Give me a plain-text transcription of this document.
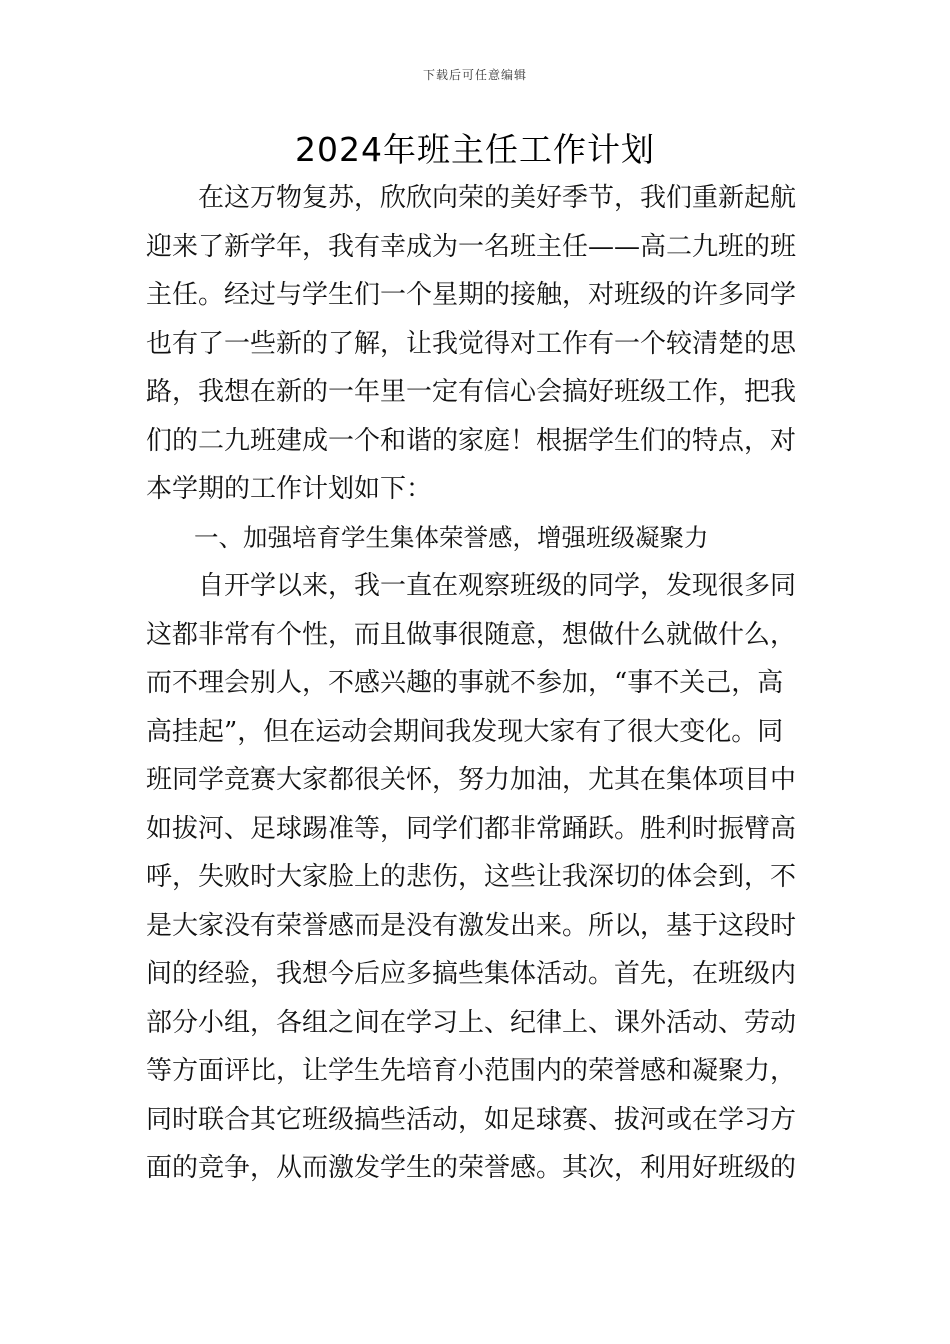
下载后可任意编辑
2024年班主任工作计划
在这万物复苏，欣欣向荣的美好季节，我们重新起航
迎来了新学年，我有幸成为一名班主任——高二九班的班
主任。经过与学生们一个星期的接触，对班级的许多同学
也有了一些新的了解，让我觉得对工作有一个较清楚的思
路，我想在新的一年里一定有信心会搞好班级工作，把我
们的二九班建成一个和谐的家庭！根据学生们的特点，对
本学期的工作计划如下：
一、加强培育学生集体荣誉感，增强班级凝聚力
自开学以来，我一直在观察班级的同学，发现很多同
这都非常有个性，而且做事很随意，想做什么就做什么，
而不理会别人，不感兴趣的事就不参加，“事不关己，高
高挂起”，但在运动会期间我发现大家有了很大变化。同
班同学竞赛大家都很关怀，努力加油，尤其在集体项目中
如拔河、足球踢准等，同学们都非常踊跃。胜利时振臂高
呼，失败时大家脸上的悲伤，这些让我深切的体会到，不
是大家没有荣誉感而是没有激发出来。所以，基于这段时
间的经验，我想今后应多搞些集体活动。首先，在班级内
部分小组，各组之间在学习上、纪律上、课外活动、劳动
等方面评比，让学生先培育小范围内的荣誉感和凝聚力，
同时联合其它班级搞些活动，如足球赛、拔河或在学习方
面的竞争，从而激发学生的荣誉感。其次，利用好班级的
